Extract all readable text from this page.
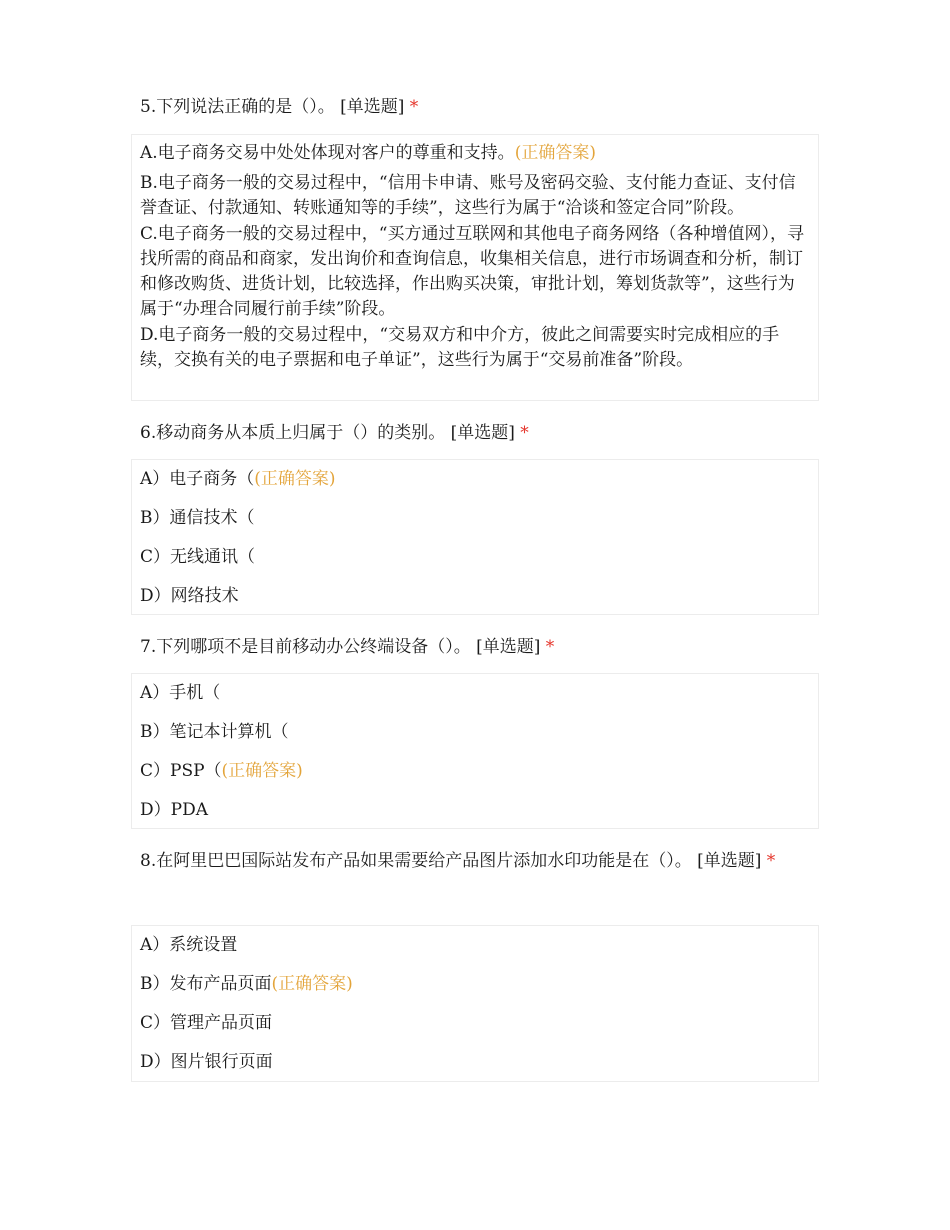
5.下列说法正确的是（）。 [单选题] *
A.电子商务交易中处处体现对客户的尊重和支持。(正确答案)
B.电子商务一般的交易过程中，“信用卡申请、账号及密码交验、支付能力查证、支付信誉查证、付款通知、转账通知等的手续”，这些行为属于“洽谈和签定合同”阶段。
C.电子商务一般的交易过程中，“买方通过互联网和其他电子商务网络（各种增值网），寻找所需的商品和商家，发出询价和查询信息，收集相关信息，进行市场调查和分析，制订和修改购货、进货计划，比较选择，作出购买决策，审批计划，筹划货款等”，这些行为属于“办理合同履行前手续”阶段。
D.电子商务一般的交易过程中，“交易双方和中介方，彼此之间需要实时完成相应的手续，交换有关的电子票据和电子单证”，这些行为属于“交易前准备”阶段。
6.移动商务从本质上归属于（）的类别。 [单选题] *
A）电子商务（(正确答案)
B）通信技术（
C）无线通讯（
D）网络技术
7.下列哪项不是目前移动办公终端设备（）。 [单选题] *
A）手机（
B）笔记本计算机（
C）PSP（(正确答案)
D）PDA
8.在阿里巴巴国际站发布产品如果需要给产品图片添加水印功能是在（）。 [单选题] *
A）系统设置
B）发布产品页面(正确答案)
C）管理产品页面
D）图片银行页面
